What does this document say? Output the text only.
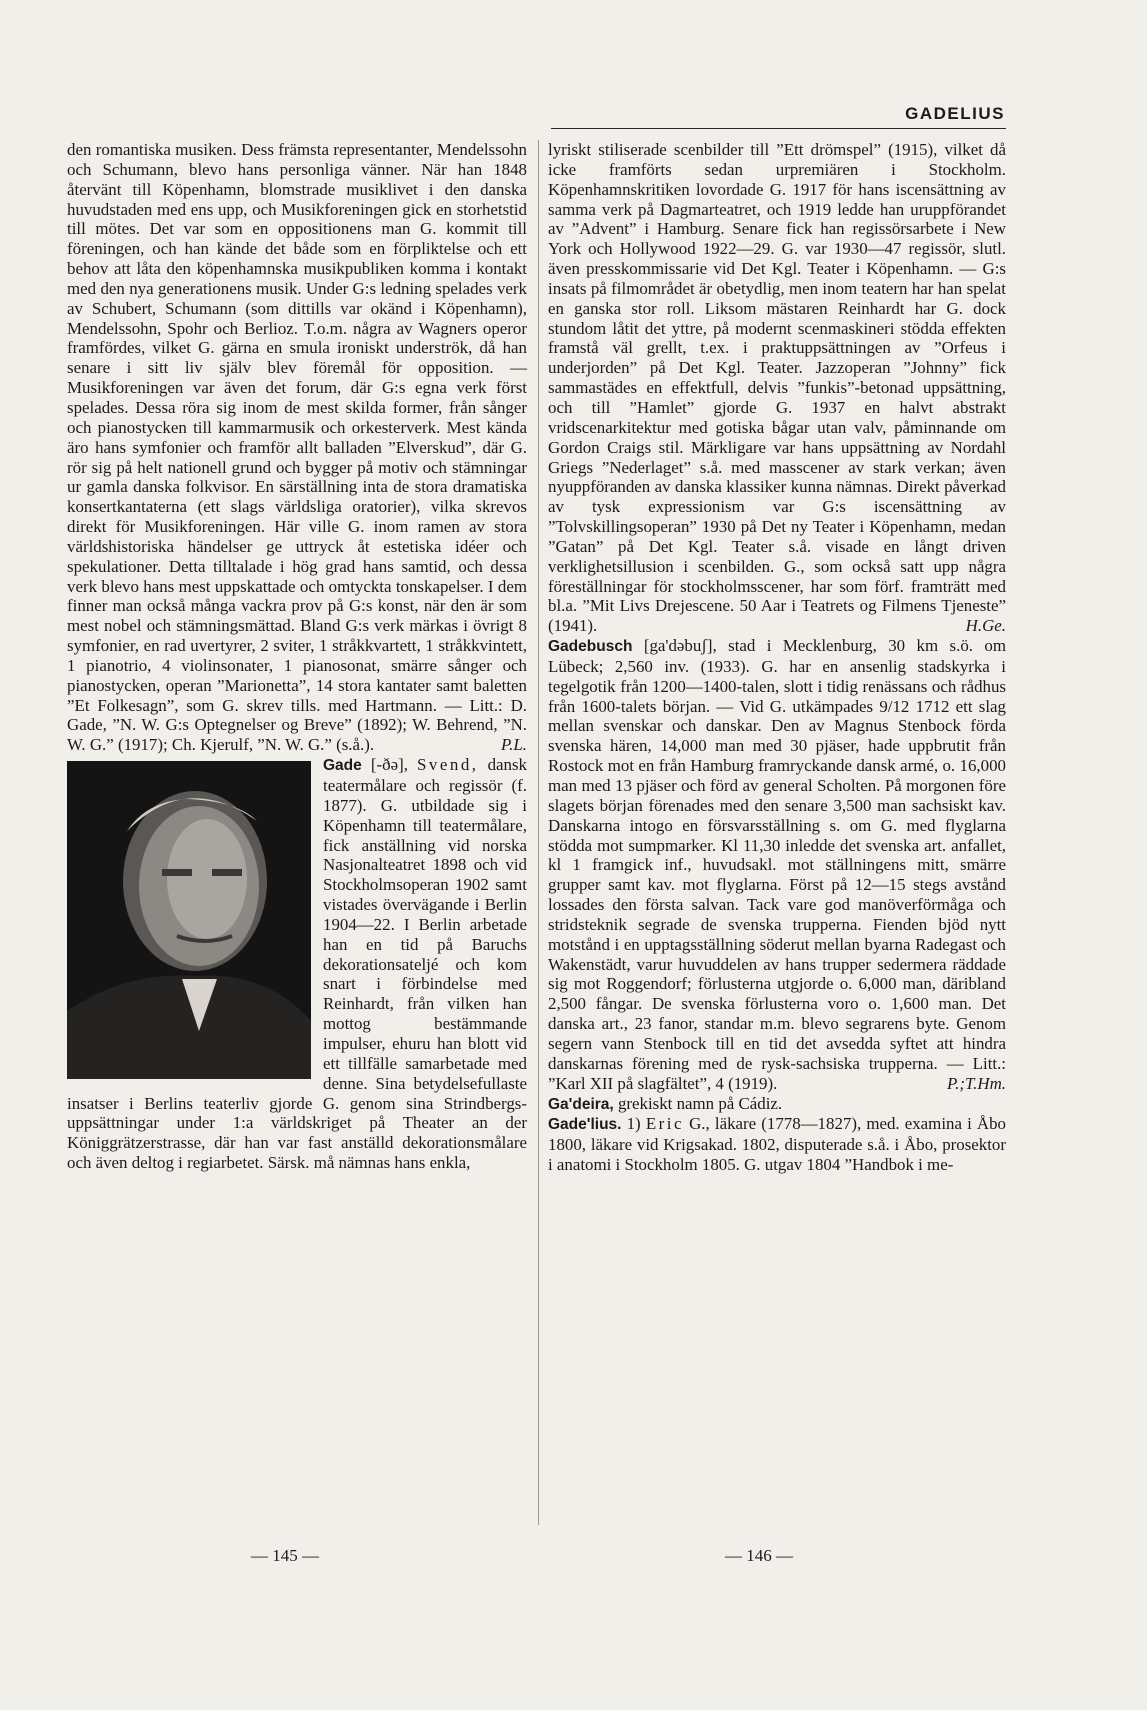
GADELIUS

den romantiska musiken. Dess främsta representanter, Mendelssohn och Schumann, blevo hans personliga vänner. När han 1848 återvänt till Köpenhamn, blomstrade musiklivet i den danska huvudstaden med ens upp, och Musikforeningen gick en storhetstid till mötes. Det var som en oppositionens man G. kommit till föreningen, och han kände det både som en förpliktelse och ett behov att låta den köpenhamnska musikpubliken komma i kontakt med den nya generationens musik. Under G:s ledning spelades verk av Schubert, Schumann (som dittills var okänd i Köpenhamn), Mendelssohn, Spohr och Berlioz. T.o.m. några av Wagners operor framfördes, vilket G. gärna en smula ironiskt underströk, då han senare i sitt liv själv blev föremål för opposition. — Musikforeningen var även det forum, där G:s egna verk först spelades. Dessa röra sig inom de mest skilda former, från sånger och pianostycken till kammarmusik och orkesterverk. Mest kända äro hans symfonier och framför allt balladen ”Elverskud”, där G. rör sig på helt nationell grund och bygger på motiv och stämningar ur gamla danska folkvisor. En särställning inta de stora dramatiska konsertkantaterna (ett slags världsliga oratorier), vilka skrevos direkt för Musikforeningen. Här ville G. inom ramen av stora världshistoriska händelser ge uttryck åt estetiska idéer och spekulationer. Detta tilltalade i hög grad hans samtid, och dessa verk blevo hans mest uppskattade och omtyckta tonskapelser. I dem finner man också många vackra prov på G:s konst, när den är som mest nobel och stämningsmättad. Bland G:s verk märkas i övrigt 8 symfonier, en rad uvertyrer, 2 sviter, 1 stråkkvartett, 1 stråkkvintett, 1 pianotrio, 4 violinsonater, 1 pianosonat, smärre sånger och pianostycken, operan ”Marionetta”, 14 stora kantater samt baletten ”Et Folkesagn”, som G. skrev tills. med Hartmann. — Litt.: D. Gade, ”N. W. G:s Optegnelser og Breve” (1892); W. Behrend, ”N. W. G.” (1917); Ch. Kjerulf, ”N. W. G.” (s.å.).	P.L.

Gade [-ðə], Svend, dansk teatermålare och regissör (f. 1877). G. utbildade sig i Köpenhamn till teatermålare, fick anställning vid norska Nasjonalteatret 1898 och vid Stockholmsoperan 1902 samt vistades övervägande i Berlin 1904—22. I Berlin arbetade han en tid på Baruchs dekorationsateljé och kom snart i förbindelse med Reinhardt, från vilken han mottog bestämmande impulser, ehuru han blott vid ett tillfälle samarbetade med denne. Sina betydelsefullaste insatser i Berlins teaterliv gjorde G. genom sina Strindbergs-uppsättningar under 1:a världskriget på Theater an der Königgrätzerstrasse, där han var fast anställd dekorationsmålare och även deltog i regiarbetet. Särsk. må nämnas hans enkla,

lyriskt stiliserade scenbilder till ”Ett drömspel” (1915), vilket då icke framförts sedan urpremiären i Stockholm. Köpenhamnskritiken lovordade G. 1917 för hans iscensättning av samma verk på Dagmarteatret, och 1919 ledde han uruppförandet av ”Advent” i Hamburg. Senare fick han regissörsarbete i New York och Hollywood 1922—29. G. var 1930—47 regissör, slutl. även presskommissarie vid Det Kgl. Teater i Köpenhamn. — G:s insats på filmområdet är obetydlig, men inom teatern har han spelat en ganska stor roll. Liksom mästaren Reinhardt har G. dock stundom låtit det yttre, på modernt scenmaskineri stödda effekten framstå väl grellt, t.ex. i praktuppsättningen av ”Orfeus i underjorden” på Det Kgl. Teater. Jazzoperan ”Johnny” fick sammastädes en effektfull, delvis ”funkis”-betonad uppsättning, och till ”Hamlet” gjorde G. 1937 en halvt abstrakt vridscenarkitektur med gotiska bågar utan valv, påminnande om Gordon Craigs stil. Märkligare var hans uppsättning av Nordahl Griegs ”Nederlaget” s.å. med masscener av stark verkan; även nyuppföranden av danska klassiker kunna nämnas. Direkt påverkad av tysk expressionism var G:s iscensättning av ”Tolvskillingsoperan” 1930 på Det ny Teater i Köpenhamn, medan ”Gatan” på Det Kgl. Teater s.å. visade en långt driven verklighetsillusion i scenbilden. G., som också satt upp några föreställningar för stockholmsscener, har som förf. framträtt med bl.a. ”Mit Livs Drejescene. 50 Aar i Teatrets og Filmens Tjeneste” (1941).	H.Ge.

Gadebusch [ga'dəbuʃ], stad i Mecklenburg, 30 km s.ö. om Lübeck; 2,560 inv. (1933). G. har en ansenlig stadskyrka i tegelgotik från 1200—1400-talen, slott i tidig renässans och rådhus från 1600-talets början. — Vid G. utkämpades 9/12 1712 ett slag mellan svenskar och danskar. Den av Magnus Stenbock förda svenska hären, 14,000 man med 30 pjäser, hade uppbrutit från Rostock mot en från Hamburg framryckande dansk armé, o. 16,000 man med 13 pjäser och förd av general Scholten. På morgonen före slagets början förenades med den senare 3,500 man sachsiskt kav. Danskarna intogo en försvarsställning s. om G. med flyglarna stödda mot sumpmarker. Kl 11,30 inledde det svenska art. anfallet, kl 1 framgick inf., huvudsakl. mot ställningens mitt, smärre grupper samt kav. mot flyglarna. Först på 12—15 stegs avstånd lossades den första salvan. Tack vare god manöverförmåga och stridsteknik segrade de svenska trupperna. Fienden bjöd nytt motstånd i en upptagsställning söderut mellan byarna Radegast och Wakenstädt, varur huvuddelen av hans trupper sedermera räddade sig mot Roggendorf; förlusterna utgjorde o. 6,000 man, däribland 2,500 fångar. De svenska förlusterna voro o. 1,600 man. Det danska art., 23 fanor, standar m.m. blevo segrarens byte. Genom segern vann Stenbock till en tid det avsedda syftet att hindra danskarnas förening med de rysk-sachsiska trupperna. — Litt.: ”Karl XII på slagfältet”, 4 (1919).	P.;T.Hm.

Ga'deira, grekiskt namn på Cádiz.

Gade'lius. 1) Eric G., läkare (1778—1827), med. examina i Åbo 1800, läkare vid Krigsakad. 1802, disputerade s.å. i Åbo, prosektor i anatomi i Stockholm 1805. G. utgav 1804 ”Handbok i me-

— 145 —	— 146 —
